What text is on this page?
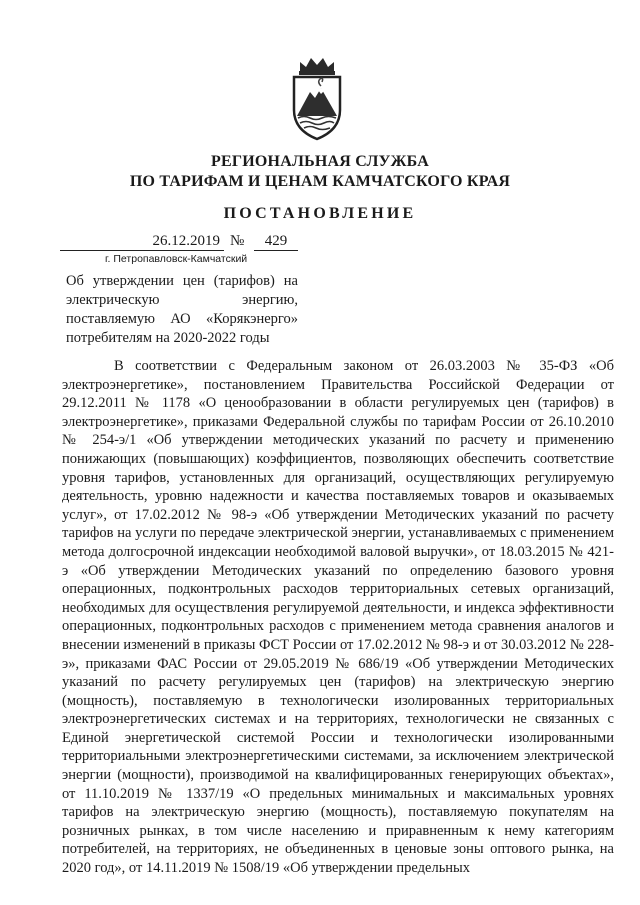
РЕГИОНАЛЬНАЯ СЛУЖБА
ПО ТАРИФАМ И ЦЕНАМ КАМЧАТСКОГО КРАЯ
ПОСТАНОВЛЕНИЕ
26.12.2019 №	429
г. Петропавловск-Камчатский
Об утверждении цен (тарифов) на электрическую энергию, поставляемую АО «Корякэнерго» потребителям на 2020-2022 годы

В соответствии с Федеральным законом от 26.03.2003 № 35-ФЗ «Об электроэнергетике», постановлением Правительства Российской Федерации от 29.12.2011 № 1178 «О ценообразовании в области регулируемых цен (тарифов) в электроэнергетике», приказами Федеральной службы по тарифам России от 26.10.2010 № 254-э/1 «Об утверждении методических указаний по расчету и применению понижающих (повышающих) коэффициентов, позволяющих обеспечить соответствие уровня тарифов, установленных для организаций, осуществляющих регулируемую деятельность, уровню надежности и качества поставляемых товаров и оказываемых услуг», от 17.02.2012 № 98-э «Об утверждении Методических указаний по расчету тарифов на услуги по передаче электрической энергии, устанавливаемых с применением метода долгосрочной индексации необходимой валовой выручки», от 18.03.2015 № 421-э «Об утверждении Методических указаний по определению базового уровня операционных, подконтрольных расходов территориальных сетевых организаций, необходимых для осуществления регулируемой деятельности, и индекса эффективности операционных, подконтрольных расходов с применением метода сравнения аналогов и внесении изменений в приказы ФСТ России от 17.02.2012 № 98-э и от 30.03.2012 № 228-э», приказами ФАС России от 29.05.2019 № 686/19 «Об утверждении Методических указаний по расчету регулируемых цен (тарифов) на электрическую энергию (мощность), поставляемую в технологически изолированных территориальных электроэнергетических системах и на территориях, технологически не связанных с Единой энергетической системой России и технологически изолированными территориальными электроэнергетическими системами, за исключением электрической энергии (мощности), производимой на квалифицированных генерирующих объектах», от 11.10.2019 № 1337/19 «О предельных минимальных и максимальных уровнях тарифов на электрическую энергию (мощность), поставляемую покупателям на розничных рынках, в том числе населению и приравненным к нему категориям потребителей, на территориях, не объединенных в ценовые зоны оптового рынка, на 2020 год», от 14.11.2019 № 1508/19 «Об утверждении предельных
